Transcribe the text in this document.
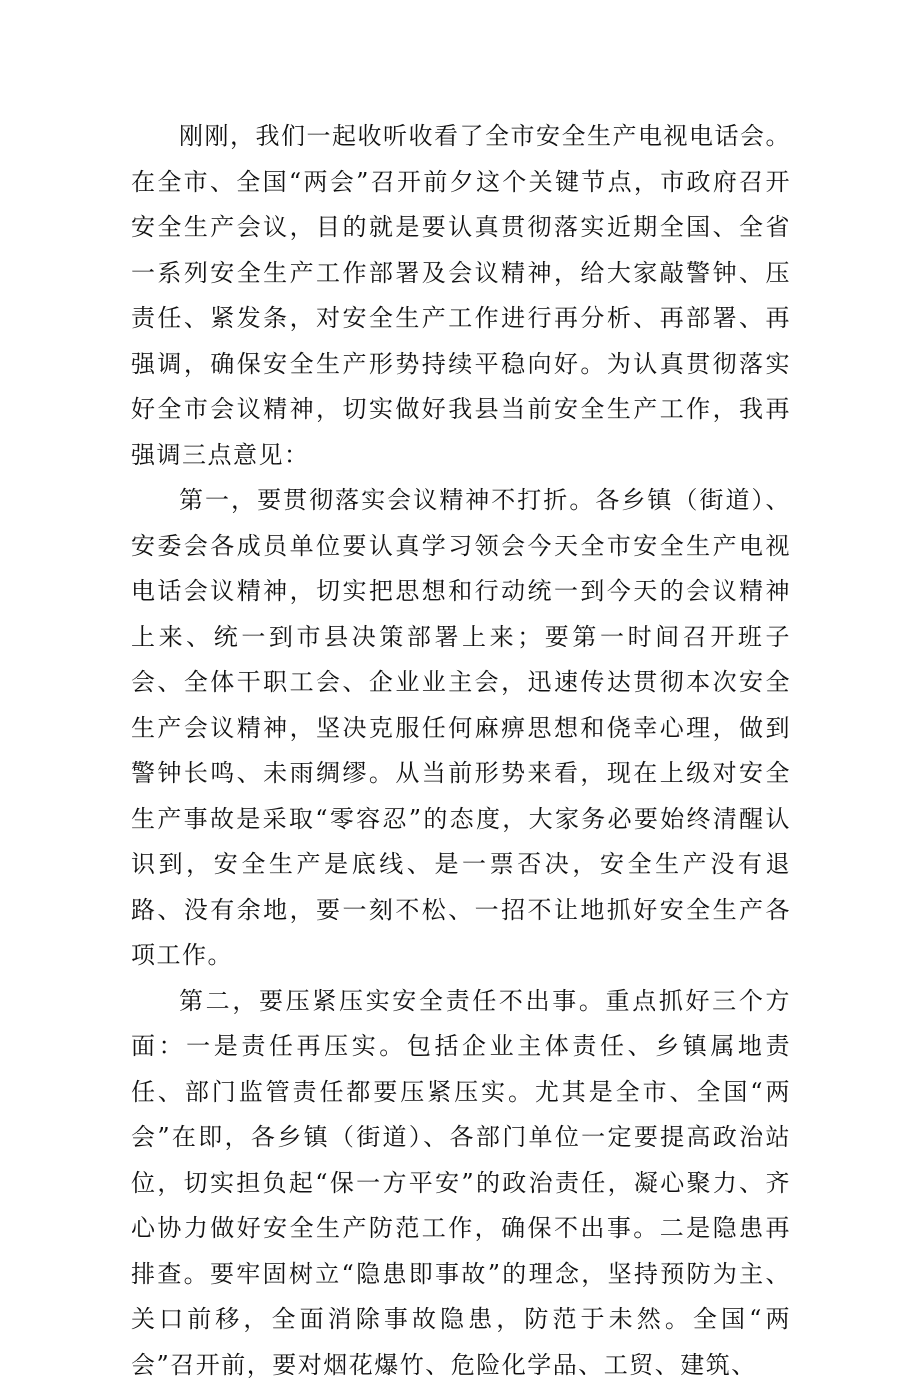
刚刚，我们一起收听收看了全市安全生产电视电话会。在全市、全国“两会”召开前夕这个关键节点，市政府召开安全生产会议，目的就是要认真贯彻落实近期全国、全省一系列安全生产工作部署及会议精神，给大家敲警钟、压责任、紧发条，对安全生产工作进行再分析、再部署、再强调，确保安全生产形势持续平稳向好。为认真贯彻落实好全市会议精神，切实做好我县当前安全生产工作，我再强调三点意见：

第一，要贯彻落实会议精神不打折。各乡镇（街道）、安委会各成员单位要认真学习领会今天全市安全生产电视电话会议精神，切实把思想和行动统一到今天的会议精神上来、统一到市县决策部署上来；要第一时间召开班子会、全体干职工会、企业业主会，迅速传达贯彻本次安全生产会议精神，坚决克服任何麻痹思想和侥幸心理，做到警钟长鸣、未雨绸缪。从当前形势来看，现在上级对安全生产事故是采取“零容忍”的态度，大家务必要始终清醒认识到，安全生产是底线、是一票否决，安全生产没有退路、没有余地，要一刻不松、一招不让地抓好安全生产各项工作。

第二，要压紧压实安全责任不出事。重点抓好三个方面：一是责任再压实。包括企业主体责任、乡镇属地责任、部门监管责任都要压紧压实。尤其是全市、全国“两会”在即，各乡镇（街道）、各部门单位一定要提高政治站位，切实担负起“保一方平安”的政治责任，凝心聚力、齐心协力做好安全生产防范工作，确保不出事。二是隐患再排查。要牢固树立“隐患即事故”的理念，坚持预防为主、关口前移，全面消除事故隐患，防范于未然。全国“两会”召开前，要对烟花爆竹、危险化学品、工贸、建筑、
